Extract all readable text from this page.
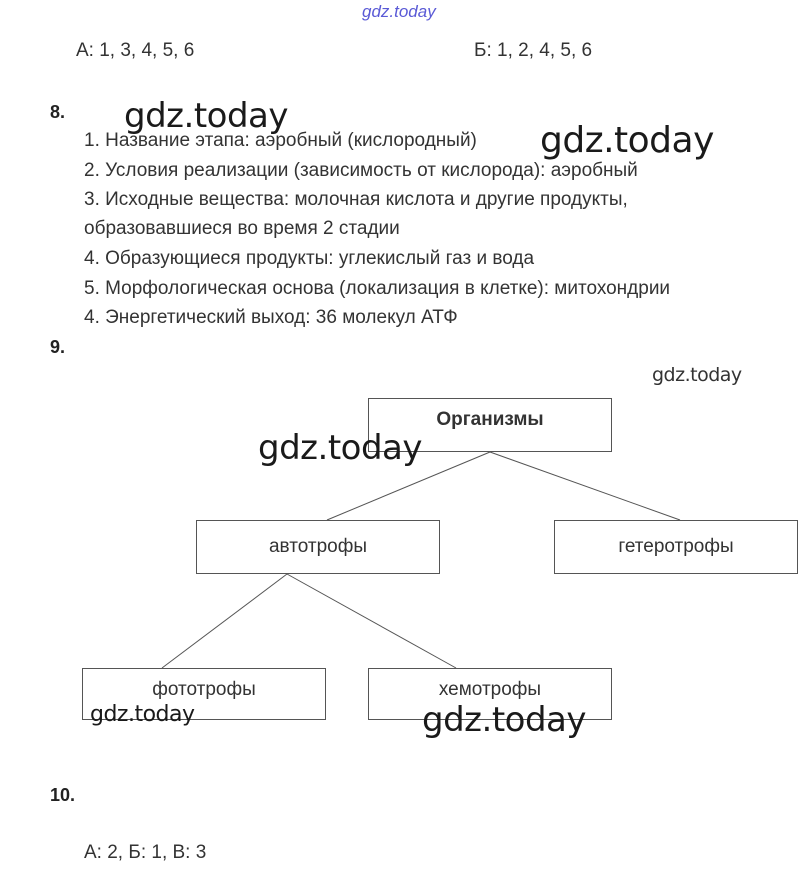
gdz.today
А: 1, 3, 4, 5, 6	Б: 1, 2, 4, 5, 6
8.
1. Название этапа: аэробный (кислородный)
2. Условия реализации (зависимость от кислорода): аэробный
3. Исходные вещества: молочная кислота и другие продукты,
образовавшиеся во время 2 стадии
4. Образующиеся продукты: углекислый газ и вода
5. Морфологическая основа (локализация в клетке): митохондрии
4. Энергетический выход: 36 молекул АТФ
gdz.today
gdz.today
9.
gdz.today
Организмы
автотрофы	гетеротрофы
фототрофы	хемотрофы
gdz.today
gdz.today	gdz.today
10.
А: 2, Б: 1, В: 3
